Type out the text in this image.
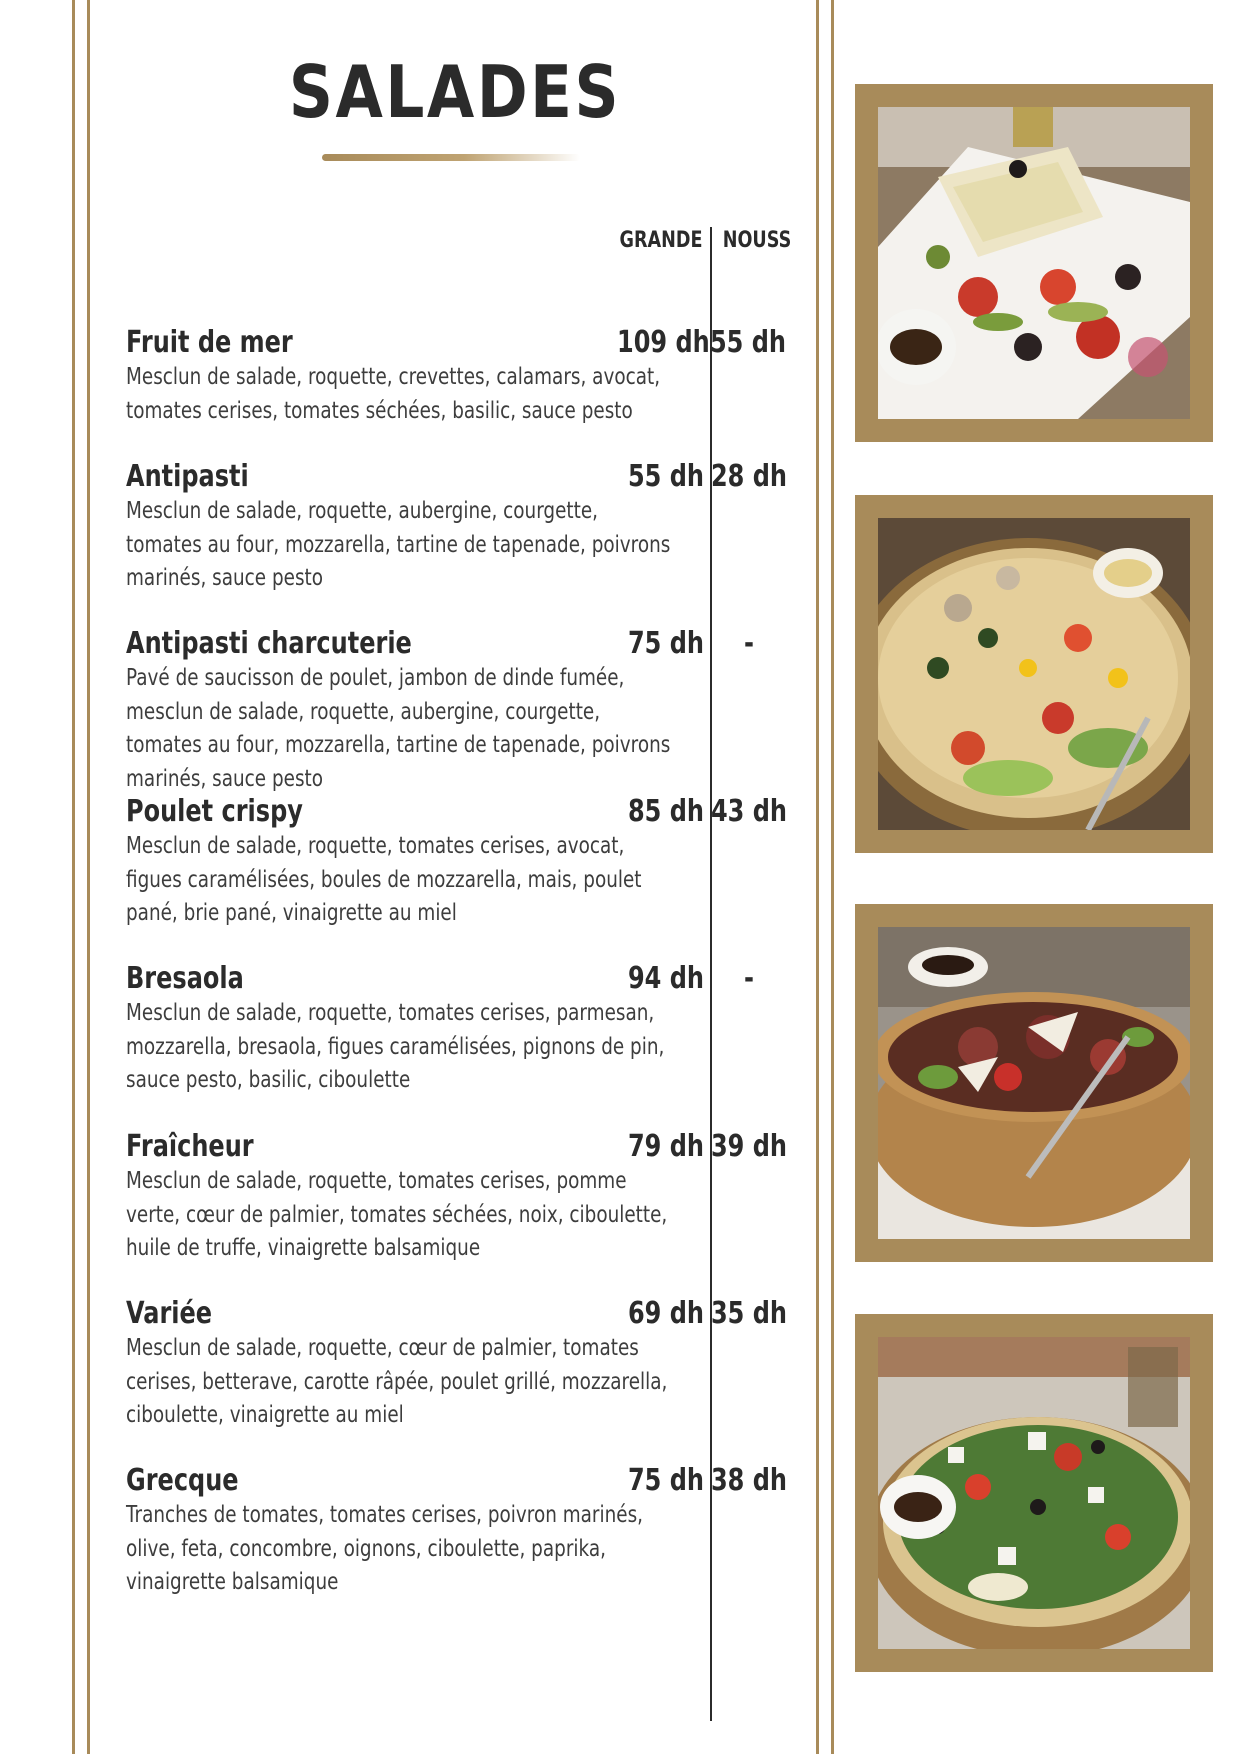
SALADES
GRANDE NOUSS
Fruit de mer
Mesclun de salade, roquette, crevettes, calamars, avocat, tomates cerises, tomates séchées, basilic, sauce pesto
109 dh 55 dh
Antipasti
Mesclun de salade, roquette, aubergine, courgette, tomates au four, mozzarella, tartine de tapenade, poivrons marinés, sauce pesto
55 dh 28 dh
Antipasti charcuterie
Pavé de saucisson de poulet, jambon de dinde fumée, mesclun de salade, roquette, aubergine, courgette, tomates au four, mozzarella, tartine de tapenade, poivrons marinés, sauce pesto
75 dh	-
Poulet crispy
Mesclun de salade, roquette, tomates cerises, avocat, figues caramélisées, boules de mozzarella, mais, poulet pané, brie pané, vinaigrette au miel
85 dh 43 dh
Bresaola
Mesclun de salade, roquette, tomates cerises, parmesan, mozzarella, bresaola, figues caramélisées, pignons de pin, sauce pesto, basilic, ciboulette
94 dh	-
Fraîcheur
Mesclun de salade, roquette, tomates cerises, pomme verte, cœur de palmier, tomates séchées, noix, ciboulette, huile de truffe, vinaigrette balsamique
79 dh 39 dh
Variée
Mesclun de salade, roquette, cœur de palmier, tomates cerises, betterave, carotte râpée, poulet grillé, mozzarella, ciboulette, vinaigrette au miel
69 dh 35 dh
Grecque
Tranches de tomates, tomates cerises, poivron marinés, olive, feta, concombre, oignons, ciboulette, paprika, vinaigrette balsamique
75 dh 38 dh
